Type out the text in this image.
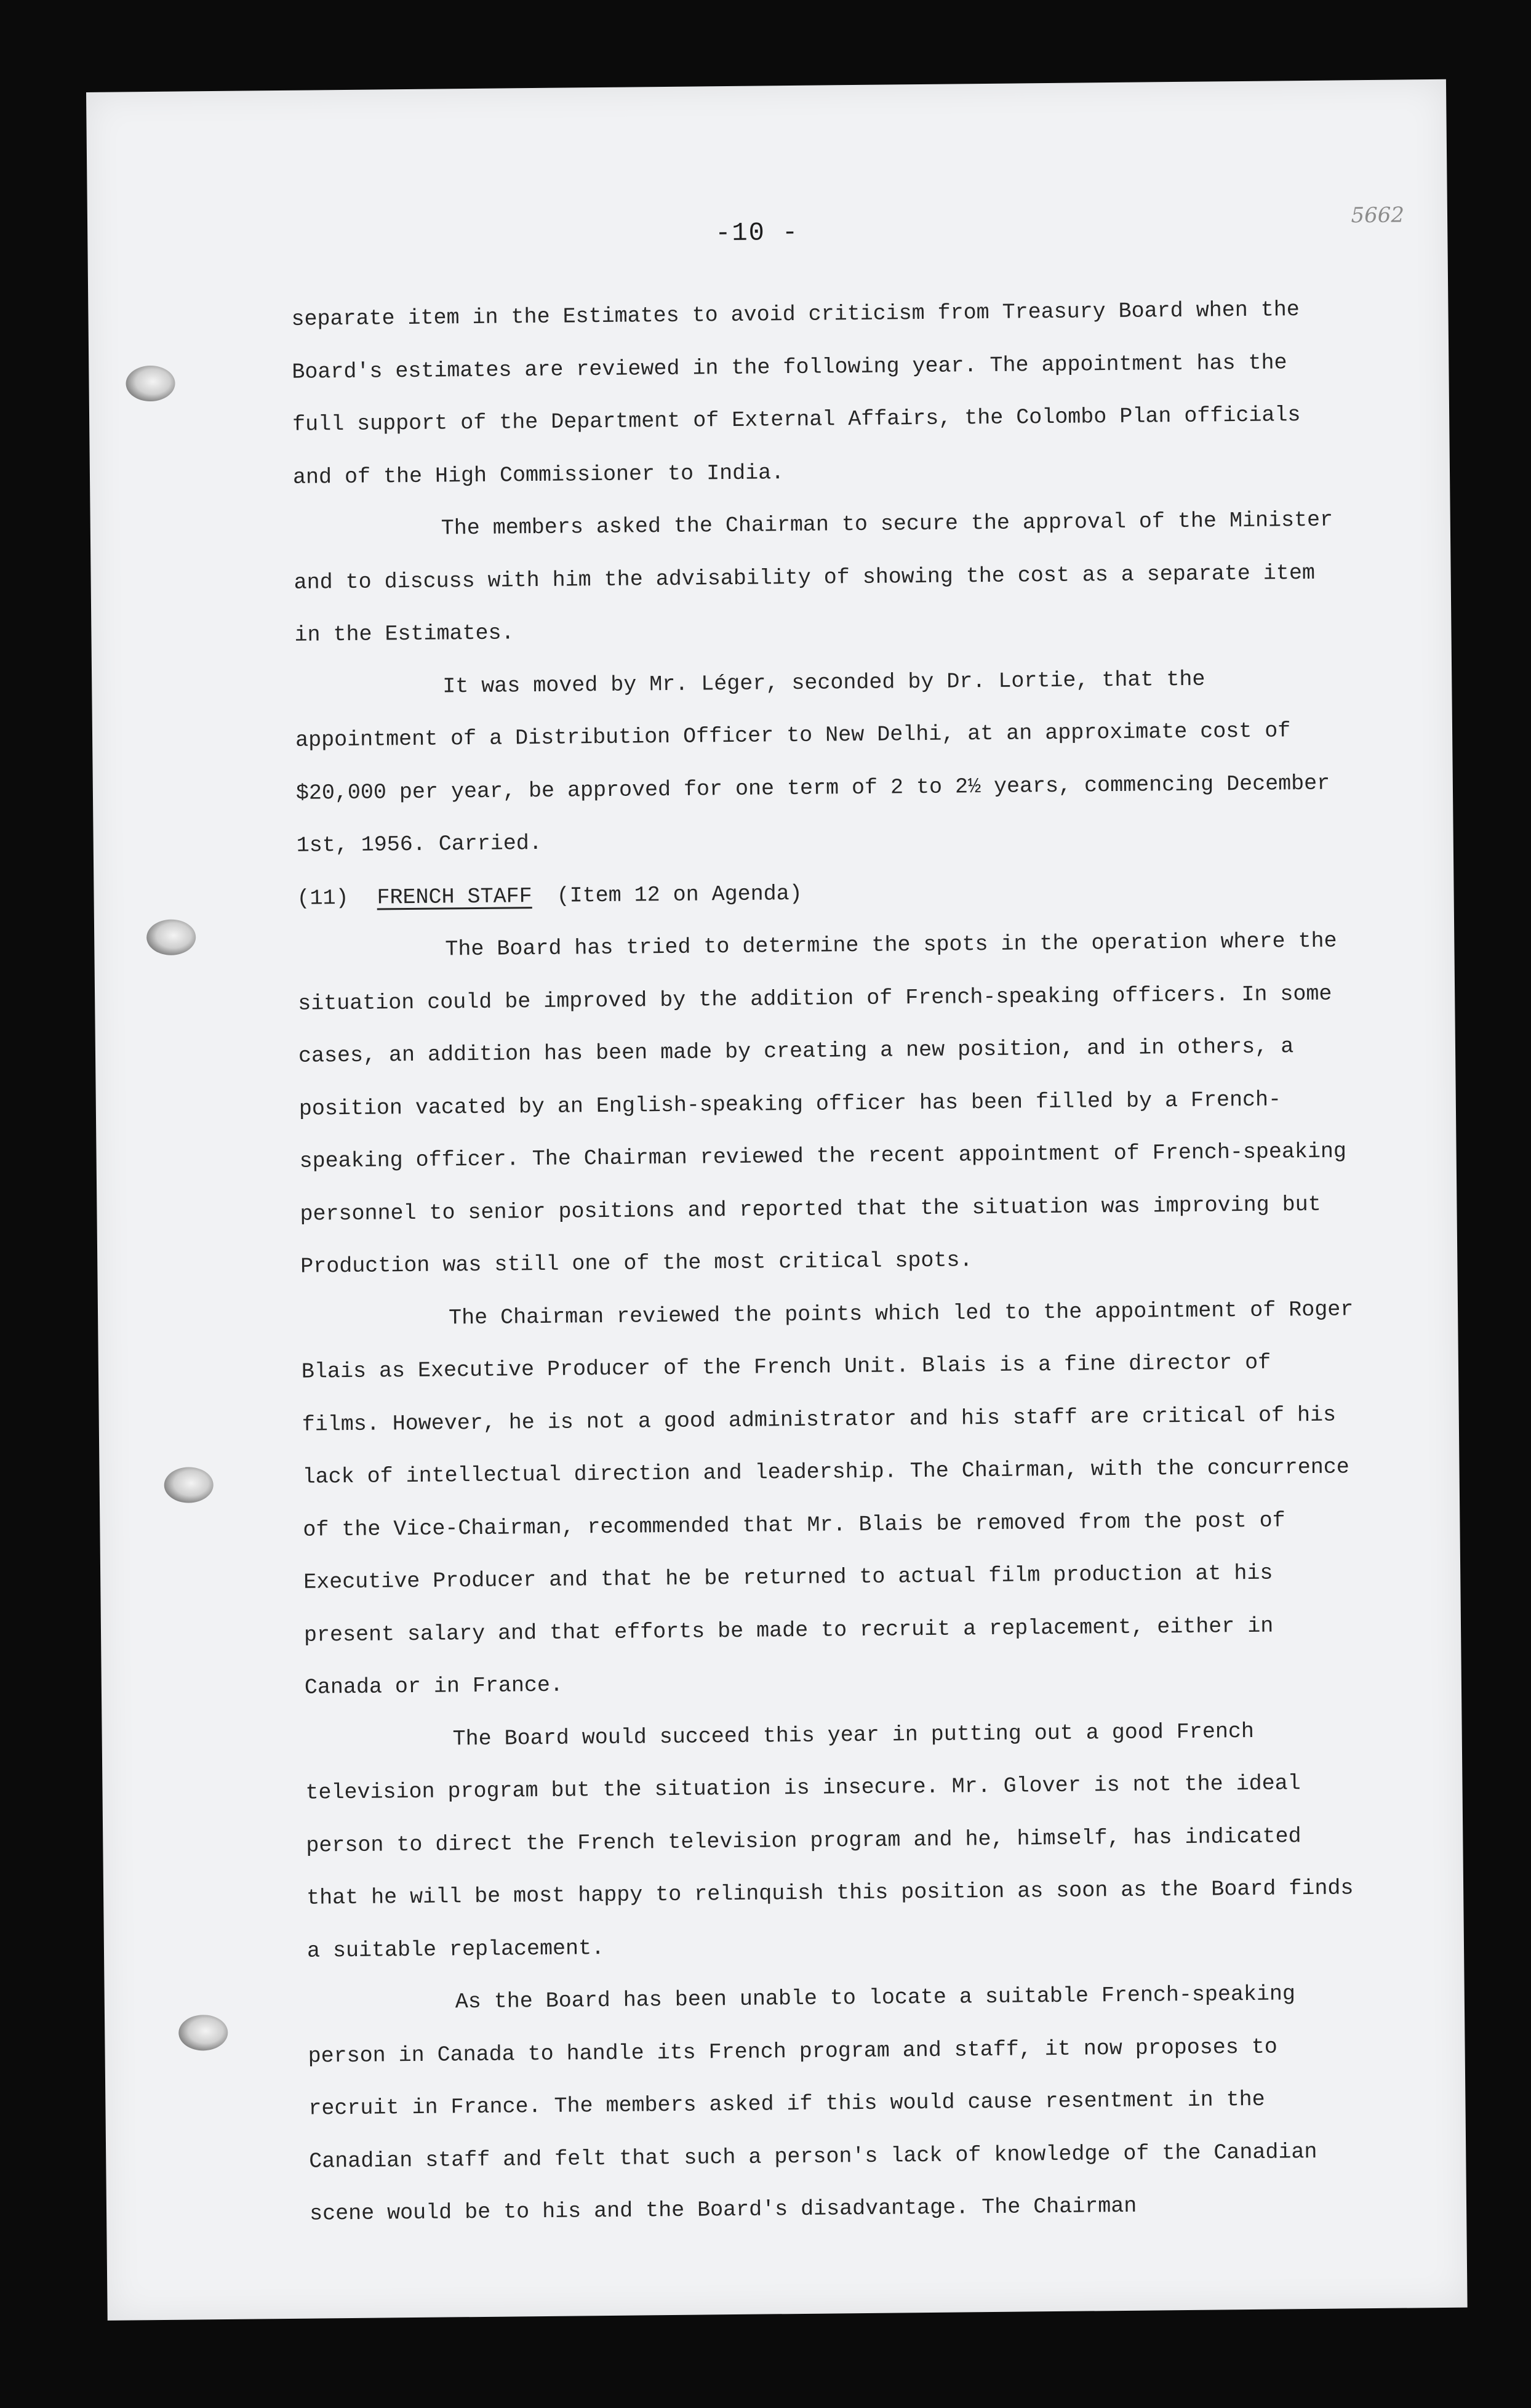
5662
-10 -

separate item in the Estimates to avoid criticism from Treasury Board when the Board's estimates are reviewed in the following year. The appointment has the full support of the Department of External Affairs, the Colombo Plan officials and of the High Commissioner to India.

The members asked the Chairman to secure the approval of the Minister and to discuss with him the advisability of showing the cost as a separate item in the Estimates.

It was moved by Mr. Léger, seconded by Dr. Lortie, that the appointment of a Distribution Officer to New Delhi, at an approximate cost of $20,000 per year, be approved for one term of 2 to 2½ years, commencing December 1st, 1956. Carried.

(11)	FRENCH STAFF (Item 12 on Agenda)

The Board has tried to determine the spots in the operation where the situation could be improved by the addition of French-speaking officers. In some cases, an addition has been made by creating a new position, and in others, a position vacated by an English-speaking officer has been filled by a French-speaking officer. The Chairman reviewed the recent appointment of French-speaking personnel to senior positions and reported that the situation was improving but Production was still one of the most critical spots.

The Chairman reviewed the points which led to the appointment of Roger Blais as Executive Producer of the French Unit. Blais is a fine director of films. However, he is not a good administrator and his staff are critical of his lack of intellectual direction and leadership. The Chairman, with the concurrence of the Vice-Chairman, recommended that Mr. Blais be removed from the post of Executive Producer and that he be returned to actual film production at his present salary and that efforts be made to recruit a replacement, either in Canada or in France.

The Board would succeed this year in putting out a good French television program but the situation is insecure. Mr. Glover is not the ideal person to direct the French television program and he, himself, has indicated that he will be most happy to relinquish this position as soon as the Board finds a suitable replacement.

As the Board has been unable to locate a suitable French-speaking person in Canada to handle its French program and staff, it now proposes to recruit in France. The members asked if this would cause resentment in the Canadian staff and felt that such a person's lack of knowledge of the Canadian scene would be to his and the Board's disadvantage. The Chairman
